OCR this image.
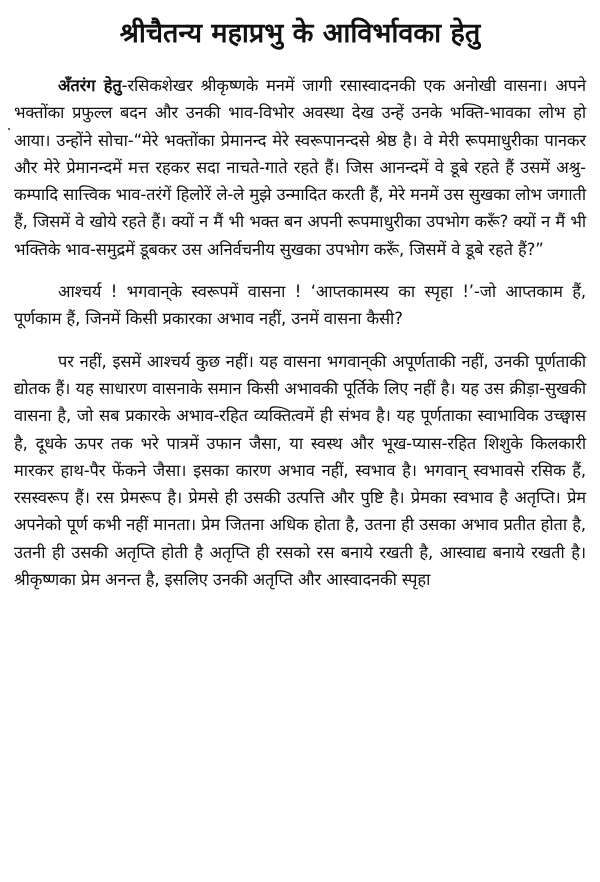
श्रीचैतन्य महाप्रभु के आविर्भावका हेतु

अँतरंग हेतु-रसिकशेखर श्रीकृष्णके मनमें जागी रसास्वादनकी एक अनोखी वासना। अपने भक्तोंका प्रफुल्ल बदन और उनकी भाव-विभोर अवस्था देख उन्हें उनके भक्ति-भावका लोभ हो आया। उन्होंने सोचा-“मेरे भक्तोंका प्रेमानन्द मेरे स्वरूपानन्दसे श्रेष्ठ है। वे मेरी रूपमाधुरीका पानकर और मेरे प्रेमानन्दमें मत्त रहकर सदा नाचते-गाते रहते हैं। जिस आनन्दमें वे डूबे रहते हैं उसमें अश्रु-कम्पादि सात्त्विक भाव-तरंगें हिलोरें ले-ले मुझे उन्मादित करती हैं, मेरे मनमें उस सुखका लोभ जगाती हैं, जिसमें वे खोये रहते हैं। क्यों न मैं भी भक्त बन अपनी रूपमाधुरीका उपभोग करूँ? क्यों न मैं भी भक्तिके भाव-समुद्रमें डूबकर उस अनिर्वचनीय सुखका उपभोग करूँ, जिसमें वे डूबे रहते हैं?”

आश्चर्य ! भगवान्‌के स्वरूपमें वासना ! ‘आप्तकामस्य का स्पृहा !’-जो आप्तकाम हैं, पूर्णकाम हैं, जिनमें किसी प्रकारका अभाव नहीं, उनमें वासना कैसी?

पर नहीं, इसमें आश्चर्य कुछ नहीं। यह वासना भगवान्‌की अपूर्णताकी नहीं, उनकी पूर्णताकी द्योतक हैं। यह साधारण वासनाके समान किसी अभावकी पूर्तिके लिए नहीं है। यह उस क्रीड़ा-सुखकी वासना है, जो सब प्रकारके अभाव-रहित व्यक्तित्वमें ही संभव है। यह पूर्णताका स्वाभाविक उच्छ्वास है, दूधके ऊपर तक भरे पात्रमें उफान जैसा, या स्वस्थ और भूख-प्यास-रहित शिशुके किलकारी मारकर हाथ-पैर फेंकने जैसा। इसका कारण अभाव नहीं, स्वभाव है। भगवान् स्वभावसे रसिक हैं, रसस्वरूप हैं। रस प्रेमरूप है। प्रेमसे ही उसकी उत्पत्ति और पुष्टि है। प्रेमका स्वभाव है अतृप्ति। प्रेम अपनेको पूर्ण कभी नहीं मानता। प्रेम जितना अधिक होता है, उतना ही उसका अभाव प्रतीत होता है, उतनी ही उसकी अतृप्ति होती है अतृप्ति ही रसको रस बनाये रखती है, आस्वाद्य बनाये रखती है। श्रीकृष्णका प्रेम अनन्त है, इसलिए उनकी अतृप्ति और आस्वादनकी स्पृहा
